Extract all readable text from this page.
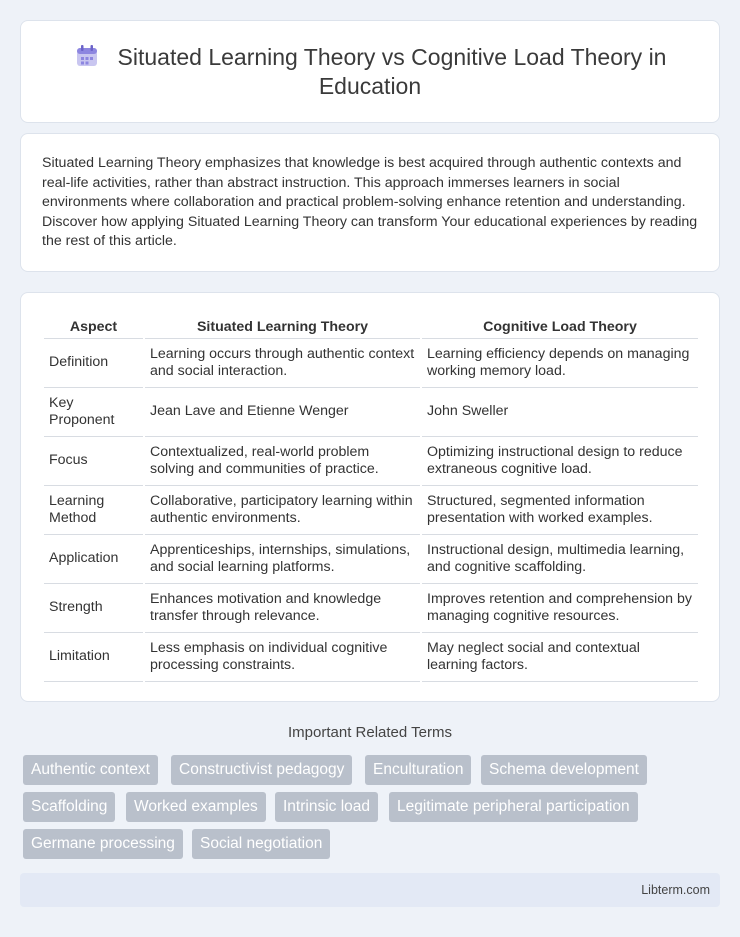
Situated Learning Theory vs Cognitive Load Theory in Education

Situated Learning Theory emphasizes that knowledge is best acquired through authentic contexts and real-life activities, rather than abstract instruction. This approach immerses learners in social environments where collaboration and practical problem-solving enhance retention and understanding. Discover how applying Situated Learning Theory can transform Your educational experiences by reading the rest of this article.

Aspect	Situated Learning Theory	Cognitive Load Theory
Definition	Learning occurs through authentic context and social interaction.	Learning efficiency depends on managing working memory load.
Key Proponent	Jean Lave and Etienne Wenger	John Sweller
Focus	Contextualized, real-world problem solving and communities of practice.	Optimizing instructional design to reduce extraneous cognitive load.
Learning Method	Collaborative, participatory learning within authentic environments.	Structured, segmented information presentation with worked examples.
Application	Apprenticeships, internships, simulations, and social learning platforms.	Instructional design, multimedia learning, and cognitive scaffolding.
Strength	Enhances motivation and knowledge transfer through relevance.	Improves retention and comprehension by managing cognitive resources.
Limitation	Less emphasis on individual cognitive processing constraints.	May neglect social and contextual learning factors.
Important Related Terms
Authentic context	Constructivist pedagogy	Enculturation	Schema development
Scaffolding	Worked examples	Intrinsic load	Legitimate peripheral participation
Germane processing	Social negotiation
Libterm.com
